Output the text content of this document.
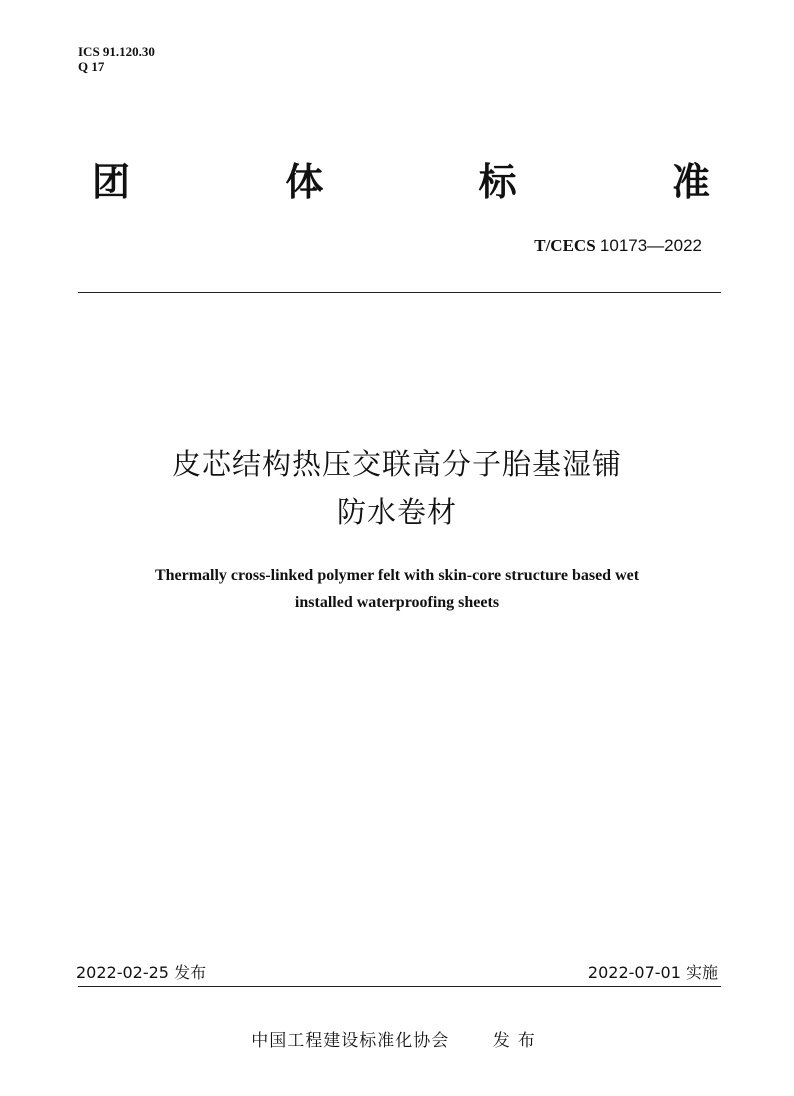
ICS 91.120.30
Q 17
团	体	标	准
T/CECS 10173—2022
皮芯结构热压交联高分子胎基湿铺
防水卷材
Thermally cross-linked polymer felt with skin-core structure based wet
installed waterproofing sheets
2022-02-25 发布	2022-07-01 实施
中国工程建设标准化协会	发布
